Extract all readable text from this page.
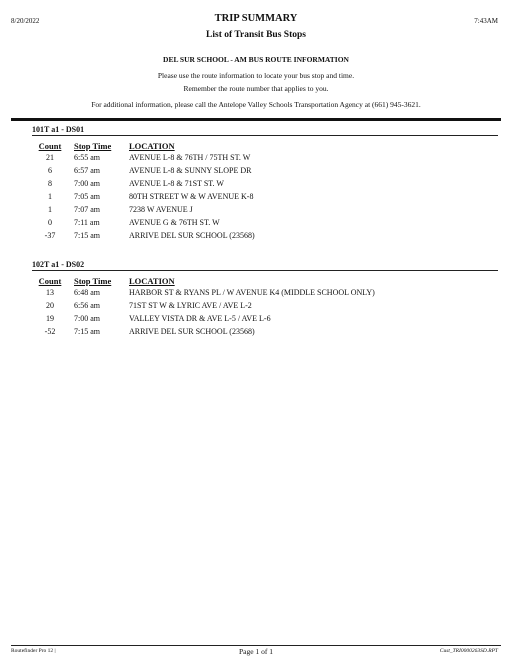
8/20/2022	TRIP SUMMARY	7:43AM
List of Transit Bus Stops
DEL SUR SCHOOL - AM BUS ROUTE INFORMATION
Please use the route information to locate your bus stop and time.
Remember the route number that applies to you.
For additional information, please call the Antelope Valley Schools Transportation Agency at (661) 945-3621.
101T a1 - DS01
Count	Stop Time LOCATION
21	6:55 am	AVENUE L-8 & 76TH / 75TH ST. W
6	6:57 am	AVENUE L-8 & SUNNY SLOPE DR
8	7:00 am	AVENUE L-8 & 71ST ST. W
1	7:05 am	80TH STREET W & W AVENUE K-8
1	7:07 am	7238 W AVENUE J
0	7:11 am	AVENUE G & 76TH ST. W
-37	7:15 am	ARRIVE DEL SUR SCHOOL (23568)
102T a1 - DS02
Count	Stop Time LOCATION
13	6:48 am	HARBOR ST & RYANS PL / W AVENUE K4 (MIDDLE SCHOOL ONLY)
20	6:56 am	71ST ST W & LYRIC AVE / AVE L-2
19	7:00 am	VALLEY VISTA DR & AVE L-5 / AVE L-6
-52	7:15 am	ARRIVE DEL SUR SCHOOL (23568)
Routefinder Pro 12 |	Page 1 of 1	Cust_TRI0000263SD.RPT
